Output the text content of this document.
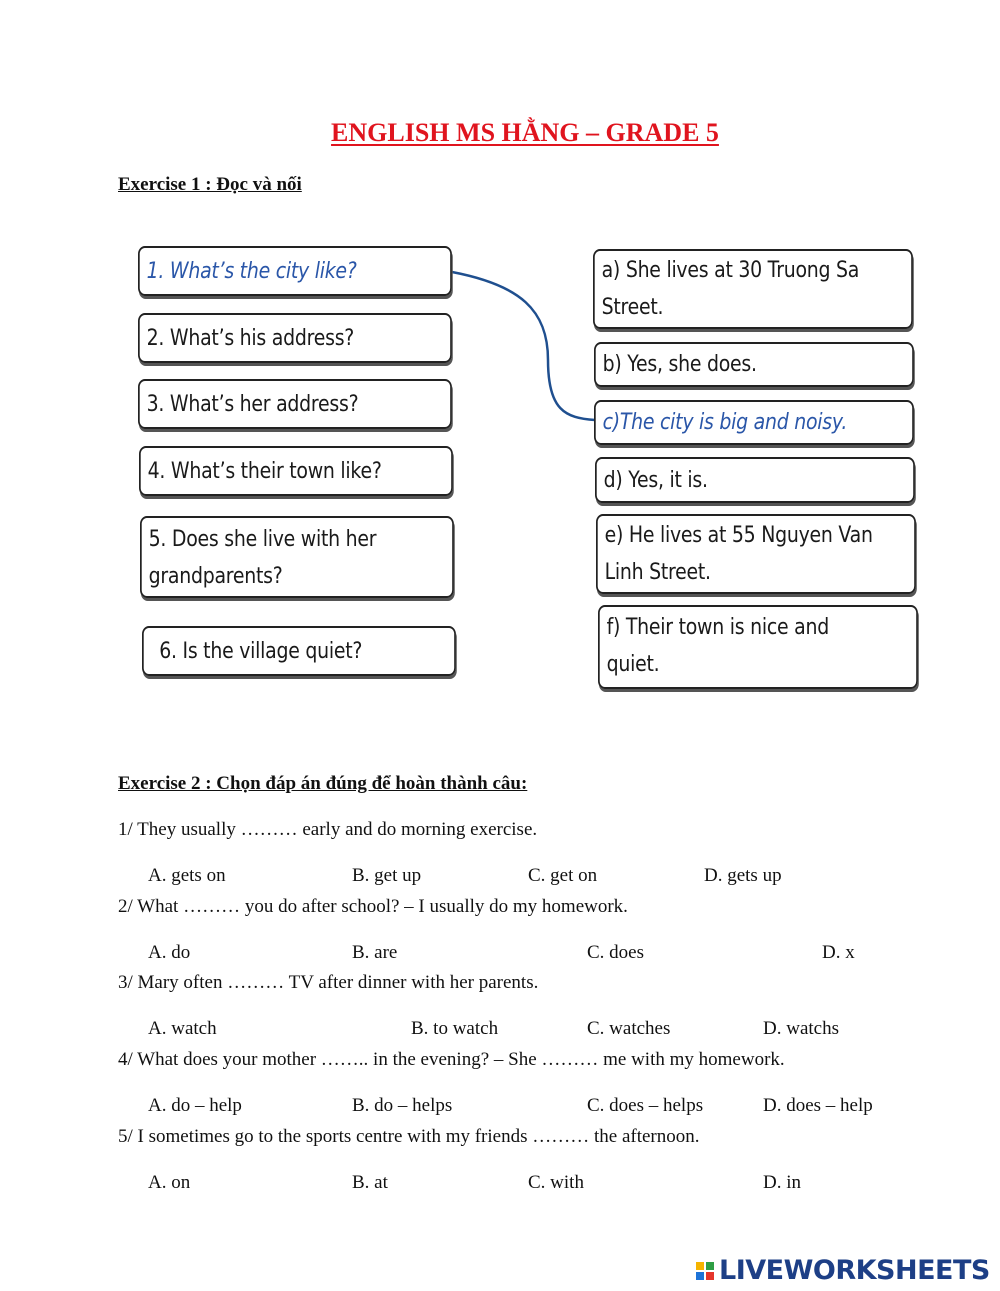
ENGLISH MS HẰNG – GRADE 5
Exercise 1 : Đọc và nối
1. What’s the city like?
2. What’s his address?
3. What’s her address?
4. What’s their town like?
5. Does she live with her
grandparents?
6. Is the village quiet?
a) She lives at 30 Truong Sa
Street.
b) Yes, she does.
c)The city is big and noisy.
d) Yes, it is.
e) He lives at 55 Nguyen Van
Linh Street.
f) Their town is nice and
quiet.
Exercise 2 : Chọn đáp án đúng để hoàn thành câu:
1/ They usually ……… early and do morning exercise.
A. gets on	B. get up	C. get on	D. gets up
2/ What ……… you do after school? – I usually do my homework.
A. do	B. are	C. does	D. x
3/ Mary often ……… TV after dinner with her parents.
A. watch	B. to watch	C. watches	D. watchs
4/ What does your mother …….. in the evening? – She ……… me with my homework.
A. do – help	B. do – helps	C. does – helps	D. does – help
5/ I sometimes go to the sports centre with my friends ……… the afternoon.
A. on	B. at	C. with	D. in
LIVEWORKSHEETS
